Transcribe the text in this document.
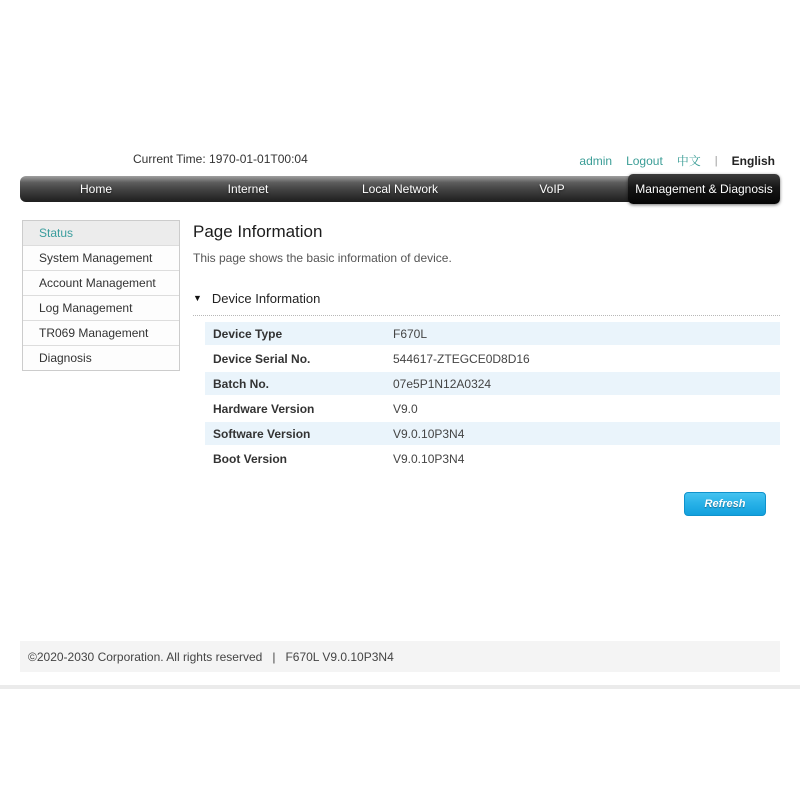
Current Time: 1970-01-01T00:04	admin Logout 中文 | English
Home	Internet	Local Network	VoIP	Management & Diagnosis
Status
System Management
Account Management
Log Management
TR069 Management
Diagnosis
Page Information
This page shows the basic information of device.
▼ Device Information
Device Type	F670L
Device Serial No.	544617-ZTEGCE0D8D16
Batch No.	07e5P1N12A0324
Hardware Version	V9.0
Software Version	V9.0.10P3N4
Boot Version	V9.0.10P3N4
Refresh
©2020-2030 Corporation. All rights reserved | F670L V9.0.10P3N4
